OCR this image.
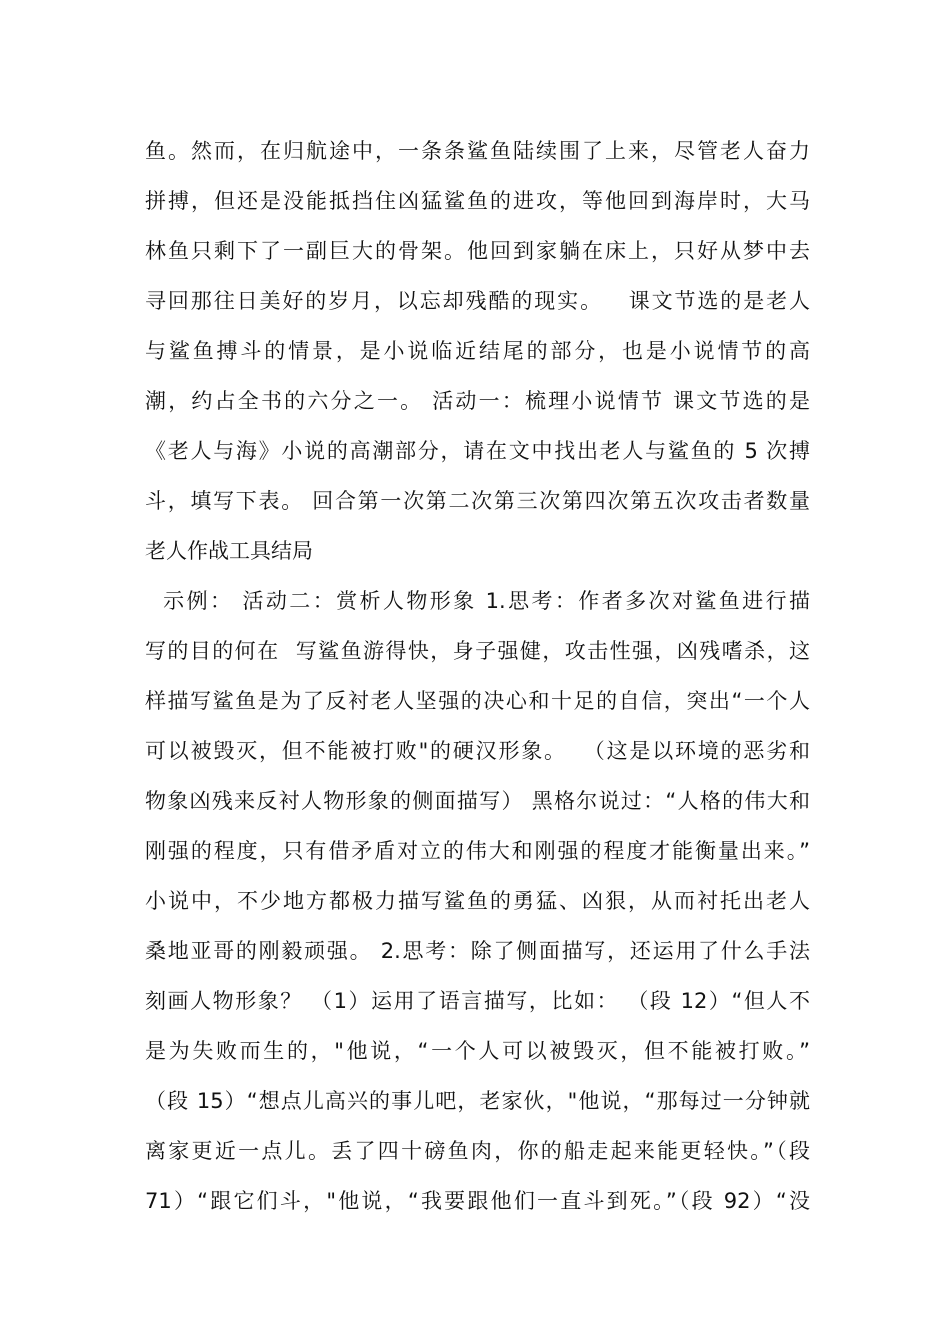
鱼。然而，在归航途中，一条条鲨鱼陆续围了上来，尽管老人奋力
拼搏，但还是没能抵挡住凶猛鲨鱼的进攻，等他回到海岸时，大马
林鱼只剩下了一副巨大的骨架。他回到家躺在床上，只好从梦中去
寻回那往日美好的岁月，以忘却残酷的现实。   课文节选的是老人
与鲨鱼搏斗的情景，是小说临近结尾的部分，也是小说情节的高
潮，约占全书的六分之一。 活动一：梳理小说情节 课文节选的是
《老人与海》小说的高潮部分，请在文中找出老人与鲨鱼的 5 次搏
斗，填写下表。 回合第一次第二次第三次第四次第五次攻击者数量
老人作战工具结局
示例： 活动二：赏析人物形象 1.思考：作者多次对鲨鱼进行描
写的目的何在  写鲨鱼游得快，身子强健，攻击性强，凶残嗜杀，这
样描写鲨鱼是为了反衬老人坚强的决心和十足的自信，突出“一个人
可以被毁灭，但不能被打败"的硬汉形象。  （这是以环境的恶劣和
物象凶残来反衬人物形象的侧面描写） 黑格尔说过：“人格的伟大和
刚强的程度，只有借矛盾对立的伟大和刚强的程度才能衡量出来。”
小说中，不少地方都极力描写鲨鱼的勇猛、凶狠，从而衬托出老人
桑地亚哥的刚毅顽强。 2.思考：除了侧面描写，还运用了什么手法
刻画人物形象？ （1）运用了语言描写，比如： （段 12）“但人不
是为失败而生的，"他说，“一个人可以被毁灭，但不能被打败。”
（段 15）“想点儿高兴的事儿吧，老家伙，"他说，“那每过一分钟就
离家更近一点儿。丢了四十磅鱼肉，你的船走起来能更轻快。”（段
71）“跟它们斗，"他说，“我要跟他们一直斗到死。”（段 92）“没
